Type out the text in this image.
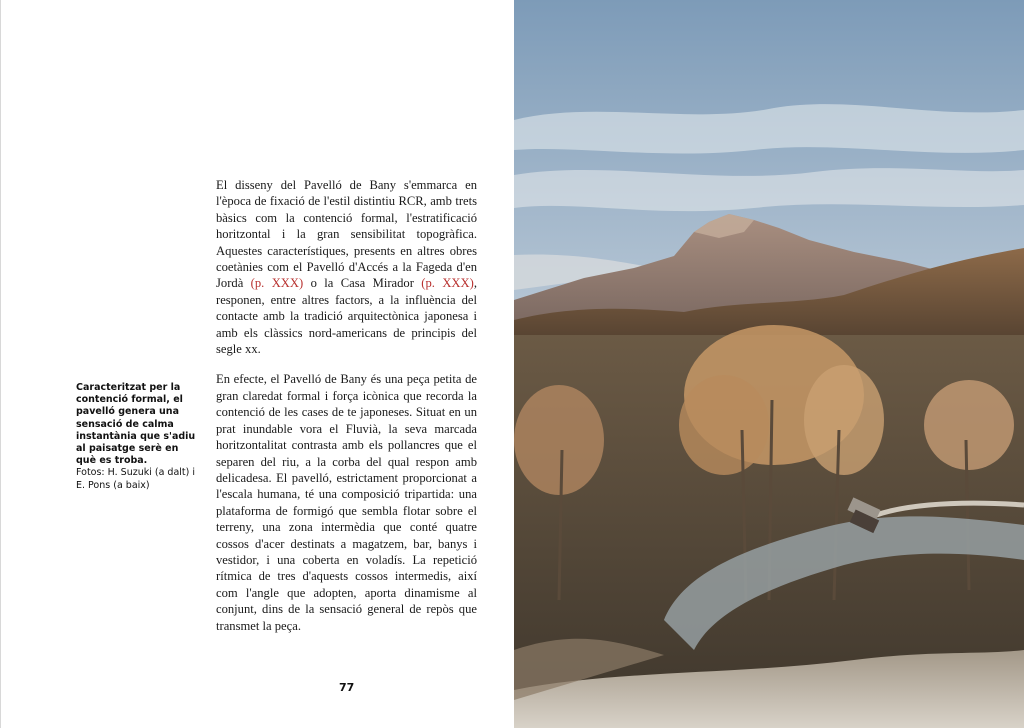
Caracteritzat per la contenció formal, el pavelló genera una sensació de calma instantània que s'adiu al paisatge serè en què es troba.
Fotos: H. Suzuki (a dalt) i E. Pons (a baix)

El disseny del Pavelló de Bany s'emmarca en l'època de fixació de l'estil distintiu RCR, amb trets bàsics com la contenció formal, l'estratificació horitzontal i la gran sensibilitat topogràfica. Aquestes característiques, presents en altres obres coetànies com el Pavelló d'Accés a la Fageda d'en Jordà (p. XXX) o la Casa Mirador (p. XXX), responen, entre altres factors, a la influència del contacte amb la tradició arquitectònica japonesa i amb els clàssics nord-americans de principis del segle xx.

En efecte, el Pavelló de Bany és una peça petita de gran claredat formal i força icònica que recorda la contenció de les cases de te japoneses. Situat en un prat inundable vora el Fluvià, la seva marcada horitzontalitat contrasta amb els pollancres que el separen del riu, a la corba del qual respon amb delicadesa. El pavelló, estrictament proporcionat a l'escala humana, té una composició tripartida: una plataforma de formigó que sembla flotar sobre el terreny, una zona intermèdia que conté quatre cossos d'acer destinats a magatzem, bar, banys i vestidor, i una coberta en voladís. La repetició rítmica de tres d'aquests cossos intermedis, així com l'angle que adopten, aporta dinamisme al conjunt, dins de la sensació general de repòs que transmet la peça.

77
